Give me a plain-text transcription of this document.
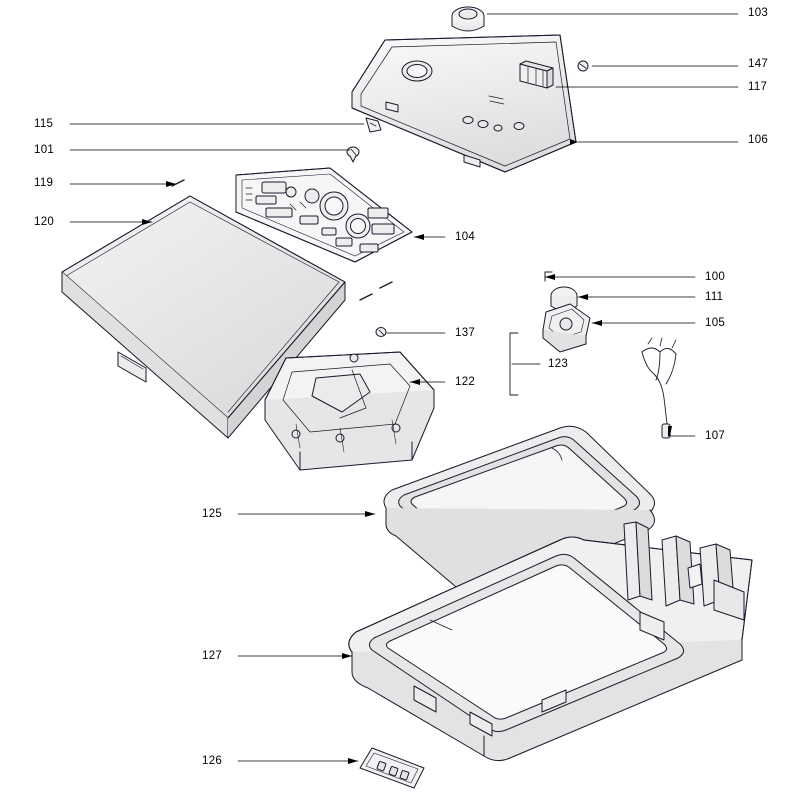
103
147
117
106
115
101
119
120
104
100
111
105
137
123
122
107
125
127
126
